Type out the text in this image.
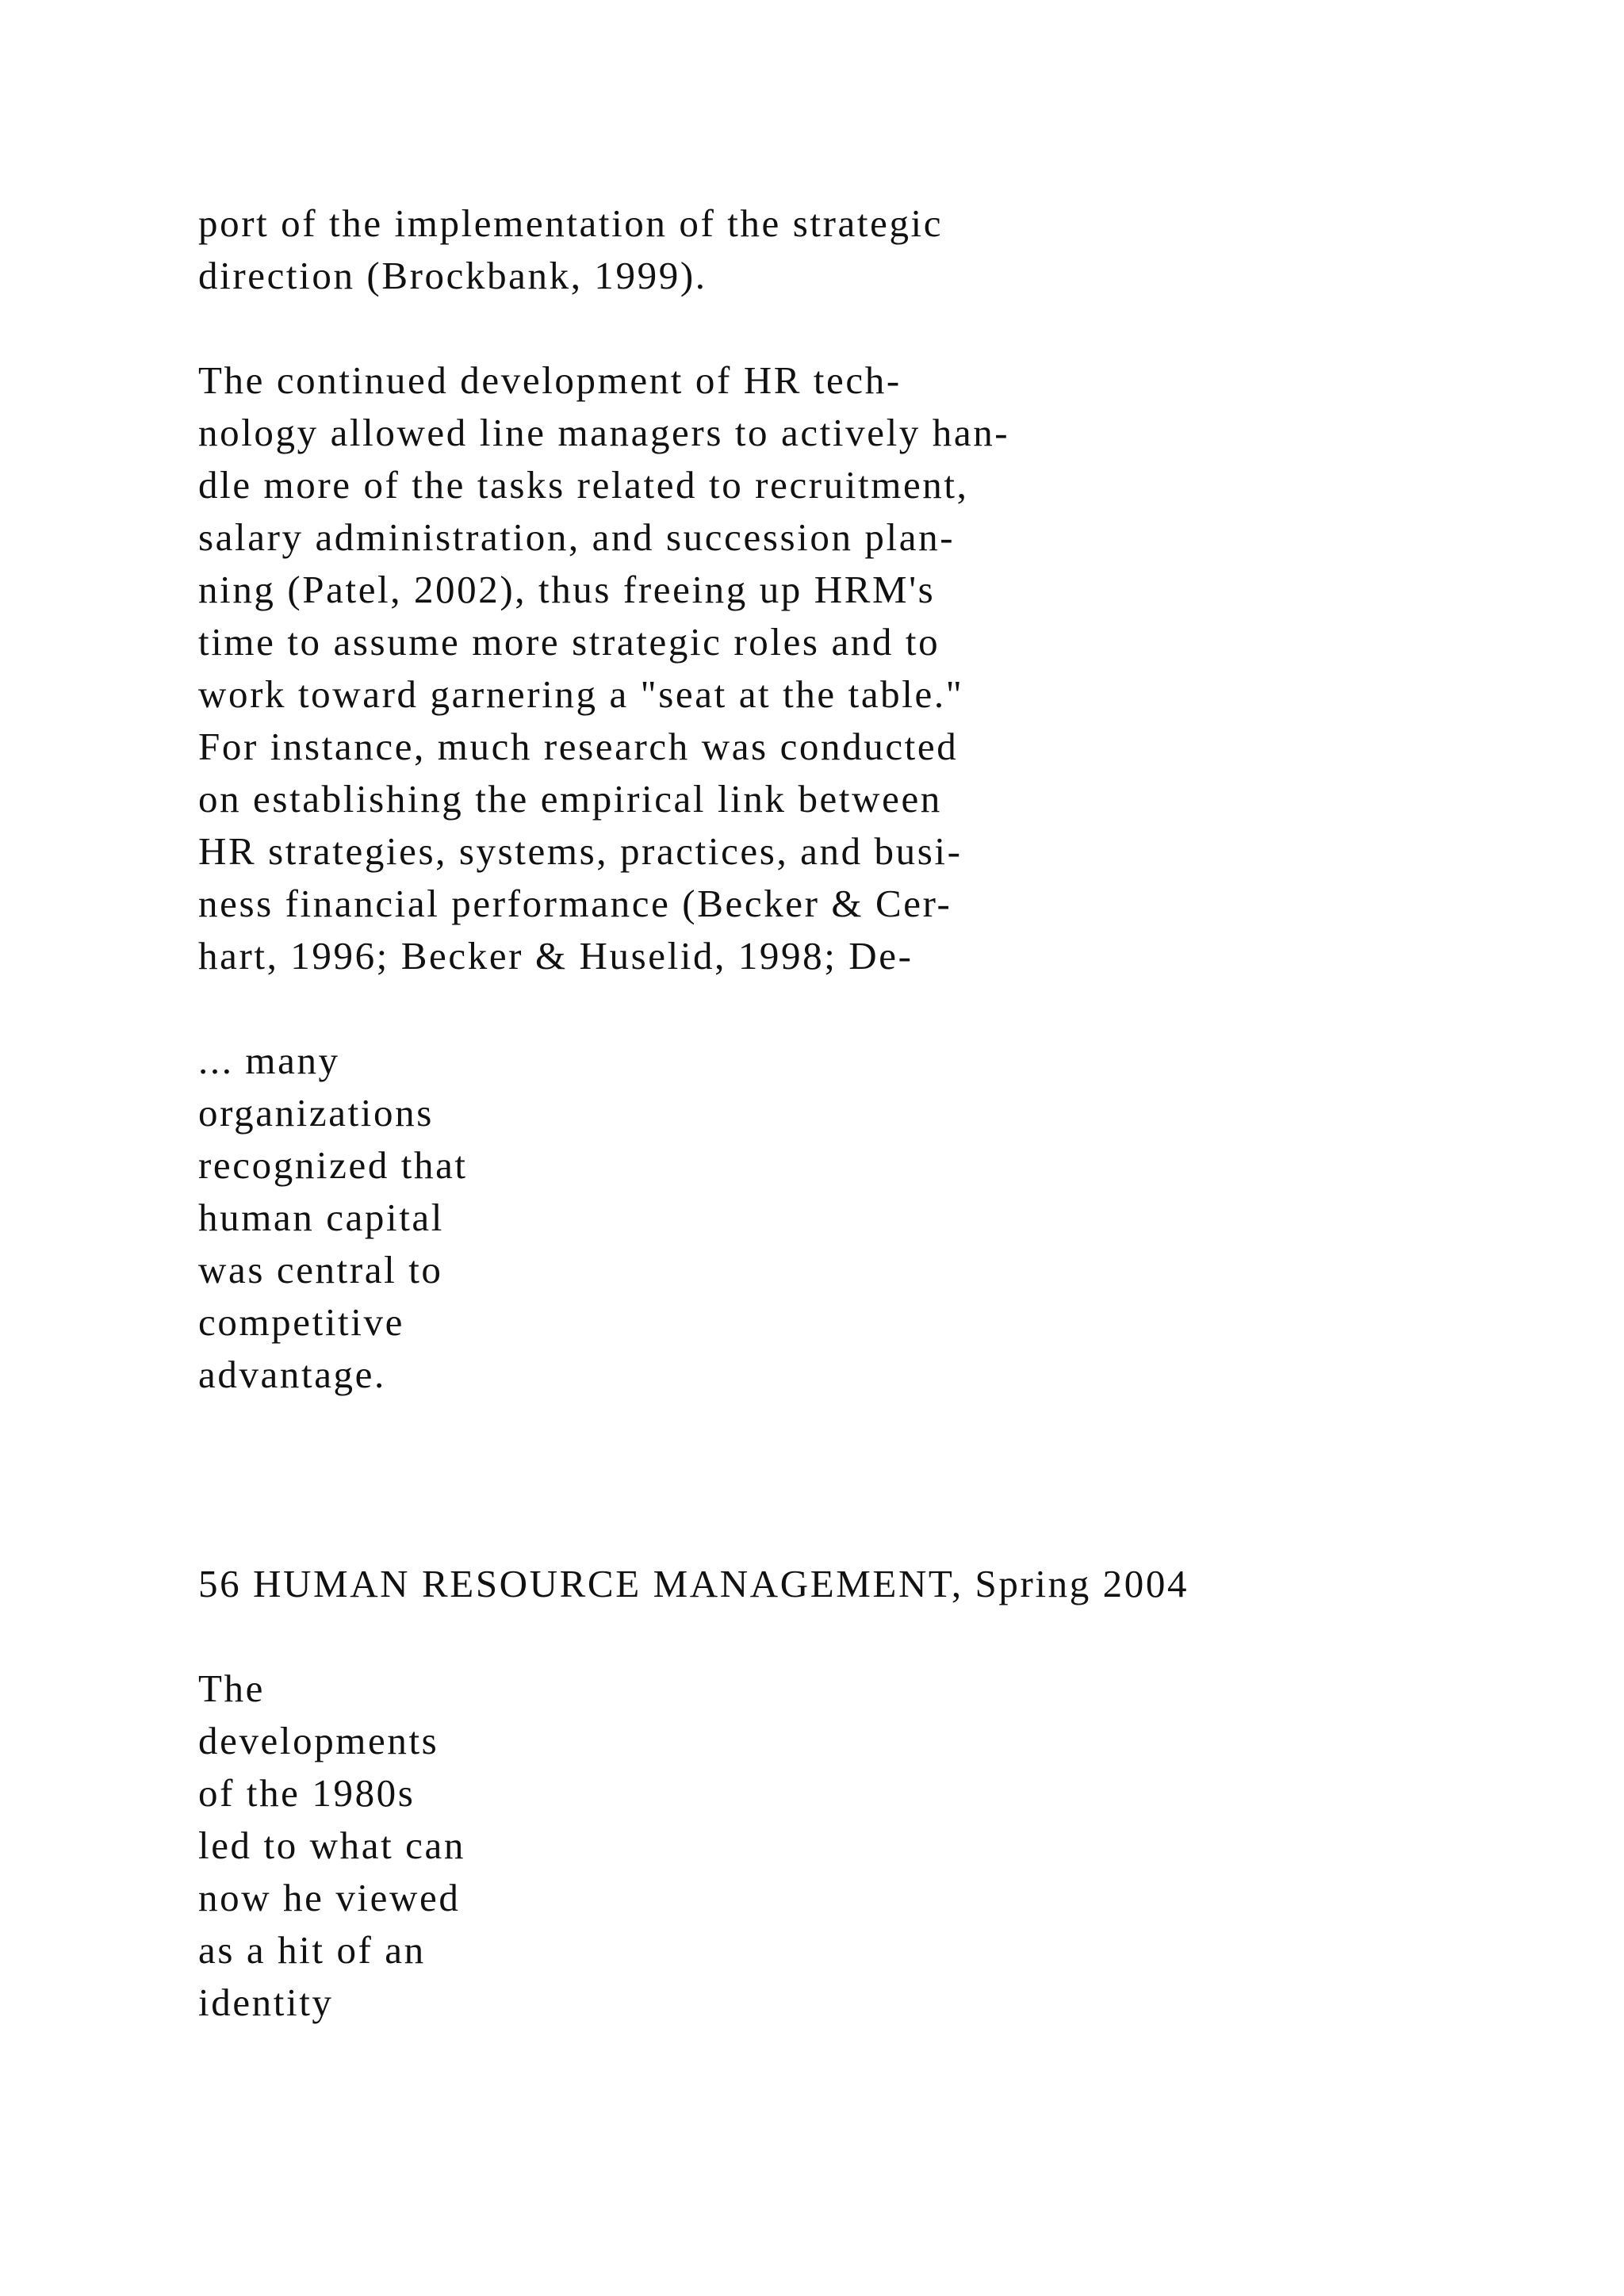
port of the implementation of the strategic

direction (Brockbank, 1999).

The continued development of HR tech-

nology allowed line managers to actively han-

dle more of the tasks related to recruitment,

salary administration, and succession plan-

ning (Patel, 2002), thus freeing up HRM's

time to assume more strategic roles and to

work toward garnering a "seat at the table."

For instance, much research was conducted

on establishing the empirical link between

HR strategies, systems, practices, and busi-

ness financial performance (Becker & Cer-

hart, 1996; Becker & Huselid, 1998; De-

... many

organizations

recognized that

human capital

was central to

competitive

advantage.

56 HUMAN RESOURCE MANAGEMENT, Spring 2004

The

developments

of the 1980s

led to what can

now he viewed

as a hit of an

identity
